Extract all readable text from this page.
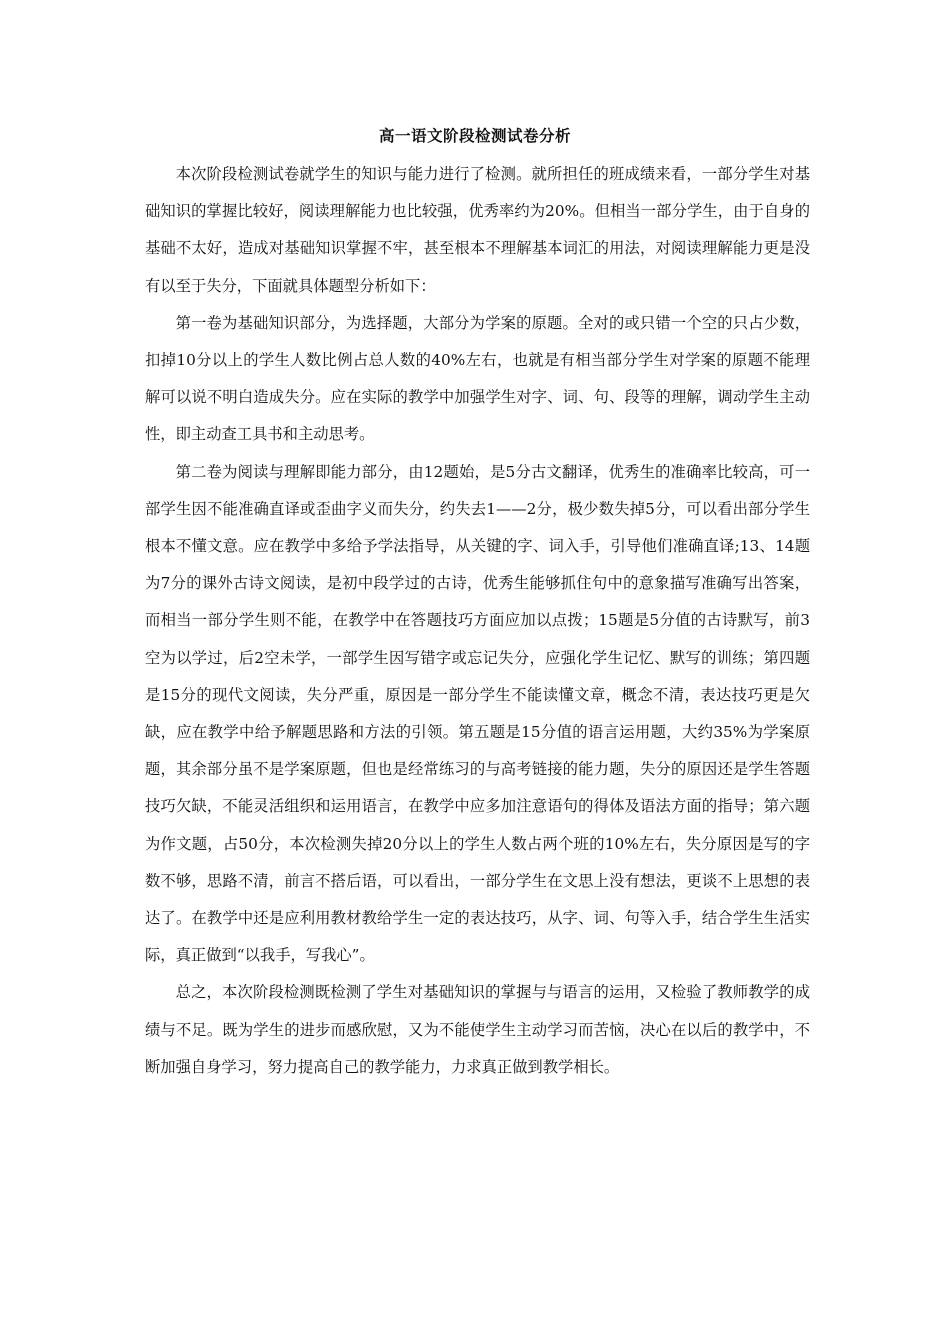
高一语文阶段检测试卷分析

本次阶段检测试卷就学生的知识与能力进行了检测。就所担任的班成绩来看，一部分学生对基础知识的掌握比较好，阅读理解能力也比较强，优秀率约为20%。但相当一部分学生，由于自身的基础不太好，造成对基础知识掌握不牢，甚至根本不理解基本词汇的用法，对阅读理解能力更是没有以至于失分，下面就具体题型分析如下：

第一卷为基础知识部分，为选择题，大部分为学案的原题。全对的或只错一个空的只占少数，扣掉10分以上的学生人数比例占总人数的40%左右，也就是有相当部分学生对学案的原题不能理解可以说不明白造成失分。应在实际的教学中加强学生对字、词、句、段等的理解，调动学生主动性，即主动查工具书和主动思考。

第二卷为阅读与理解即能力部分，由12题始，是5分古文翻译，优秀生的准确率比较高，可一部学生因不能准确直译或歪曲字义而失分，约失去1——2分，极少数失掉5分，可以看出部分学生根本不懂文意。应在教学中多给予学法指导，从关键的字、词入手，引导他们准确直译;13、14题为7分的课外古诗文阅读，是初中段学过的古诗，优秀生能够抓住句中的意象描写准确写出答案，而相当一部分学生则不能，在教学中在答题技巧方面应加以点拨；15题是5分值的古诗默写，前3空为以学过，后2空未学，一部学生因写错字或忘记失分，应强化学生记忆、默写的训练；第四题是15分的现代文阅读，失分严重，原因是一部分学生不能读懂文章，概念不清，表达技巧更是欠缺，应在教学中给予解题思路和方法的引领。第五题是15分值的语言运用题，大约35%为学案原题，其余部分虽不是学案原题，但也是经常练习的与高考链接的能力题，失分的原因还是学生答题技巧欠缺，不能灵活组织和运用语言，在教学中应多加注意语句的得体及语法方面的指导；第六题为作文题，占50分，本次检测失掉20分以上的学生人数占两个班的10%左右，失分原因是写的字数不够，思路不清，前言不搭后语，可以看出，一部分学生在文思上没有想法，更谈不上思想的表达了。在教学中还是应利用教材教给学生一定的表达技巧，从字、词、句等入手，结合学生生活实际，真正做到“以我手，写我心”。

总之，本次阶段检测既检测了学生对基础知识的掌握与与语言的运用，又检验了教师教学的成绩与不足。既为学生的进步而感欣慰，又为不能使学生主动学习而苦恼，决心在以后的教学中，不断加强自身学习，努力提高自己的教学能力，力求真正做到教学相长。
